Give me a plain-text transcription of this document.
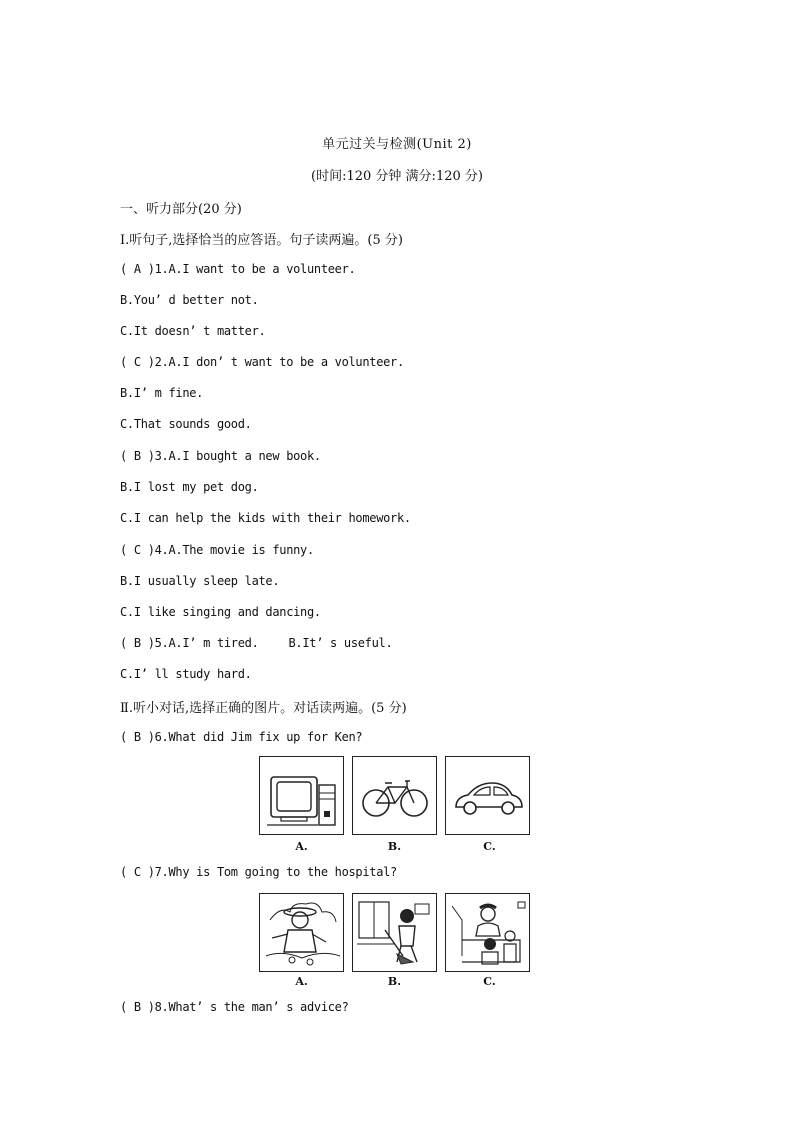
单元过关与检测(Unit 2)
(时间:120 分钟 满分:120 分)
一、听力部分(20 分)
Ⅰ.听句子,选择恰当的应答语。句子读两遍。(5 分)
( A )1.A.I want to be a volunteer.
B.You’ d better not.
C.It doesn’ t matter.
( C )2.A.I don’ t want to be a volunteer.
B.I’ m fine.
C.That sounds good.
( B )3.A.I bought a new book.
B.I lost my pet dog.
C.I can help the kids with their homework.
( C )4.A.The movie is funny.
B.I usually sleep late.
C.I like singing and dancing.
( B )5.A.I’ m tired.	B.It’ s useful.
C.I’ ll study hard.
Ⅱ.听小对话,选择正确的图片。对话读两遍。(5 分)
( B )6.What did Jim fix up for Ken?
A.	B.	C.
( C )7.Why is Tom going to the hospital?
A.	B.	C.
( B )8.What’ s the man’ s advice?
